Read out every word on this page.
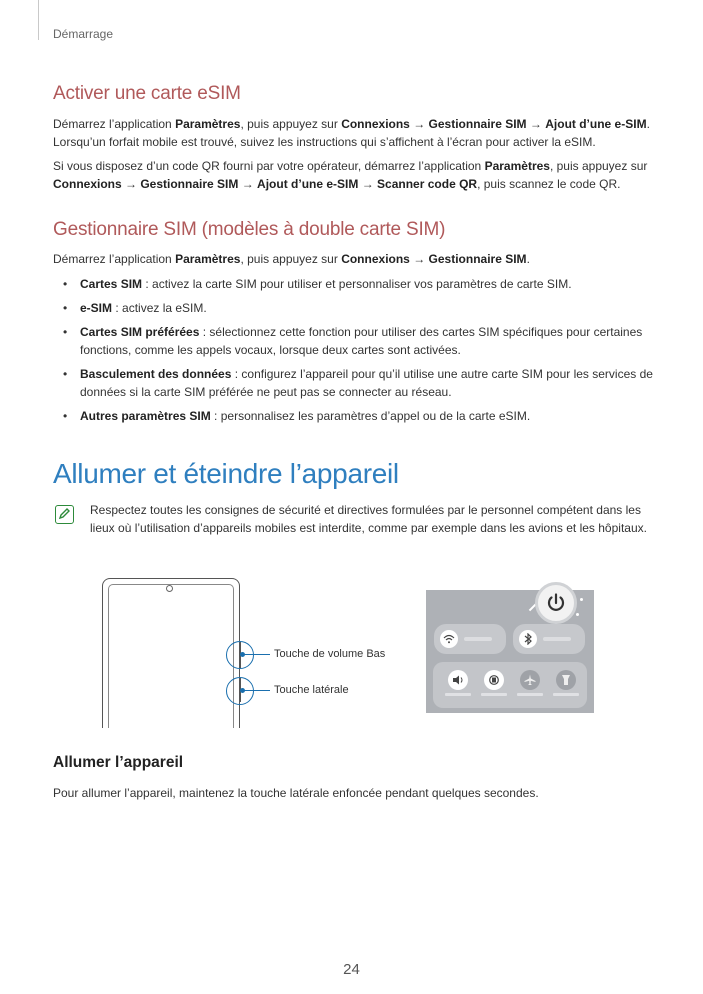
Démarrage
Activer une carte eSIM

Démarrez l’application Paramètres, puis appuyez sur Connexions → Gestionnaire SIM → Ajout d’une e-SIM. Lorsqu’un forfait mobile est trouvé, suivez les instructions qui s’affichent à l’écran pour activer la eSIM.

Si vous disposez d’un code QR fourni par votre opérateur, démarrez l’application Paramètres, puis appuyez sur Connexions → Gestionnaire SIM → Ajout d’une e-SIM → Scanner code QR, puis scannez le code QR.

Gestionnaire SIM (modèles à double carte SIM)

Démarrez l’application Paramètres, puis appuyez sur Connexions → Gestionnaire SIM.

• Cartes SIM : activez la carte SIM pour utiliser et personnaliser vos paramètres de carte SIM.
• e-SIM : activez la eSIM.
• Cartes SIM préférées : sélectionnez cette fonction pour utiliser des cartes SIM spécifiques pour certaines fonctions, comme les appels vocaux, lorsque deux cartes sont activées.
• Basculement des données : configurez l’appareil pour qu’il utilise une autre carte SIM pour les services de données si la carte SIM préférée ne peut pas se connecter au réseau.
• Autres paramètres SIM : personnalisez les paramètres d’appel ou de la carte eSIM.
Allumer et éteindre l’appareil

Respectez toutes les consignes de sécurité et directives formulées par le personnel compétent dans les lieux où l’utilisation d’appareils mobiles est interdite, comme par exemple dans les avions et les hôpitaux.

Touche de volume Bas
Touche latérale
Allumer l’appareil

Pour allumer l’appareil, maintenez la touche latérale enfoncée pendant quelques secondes.

24
